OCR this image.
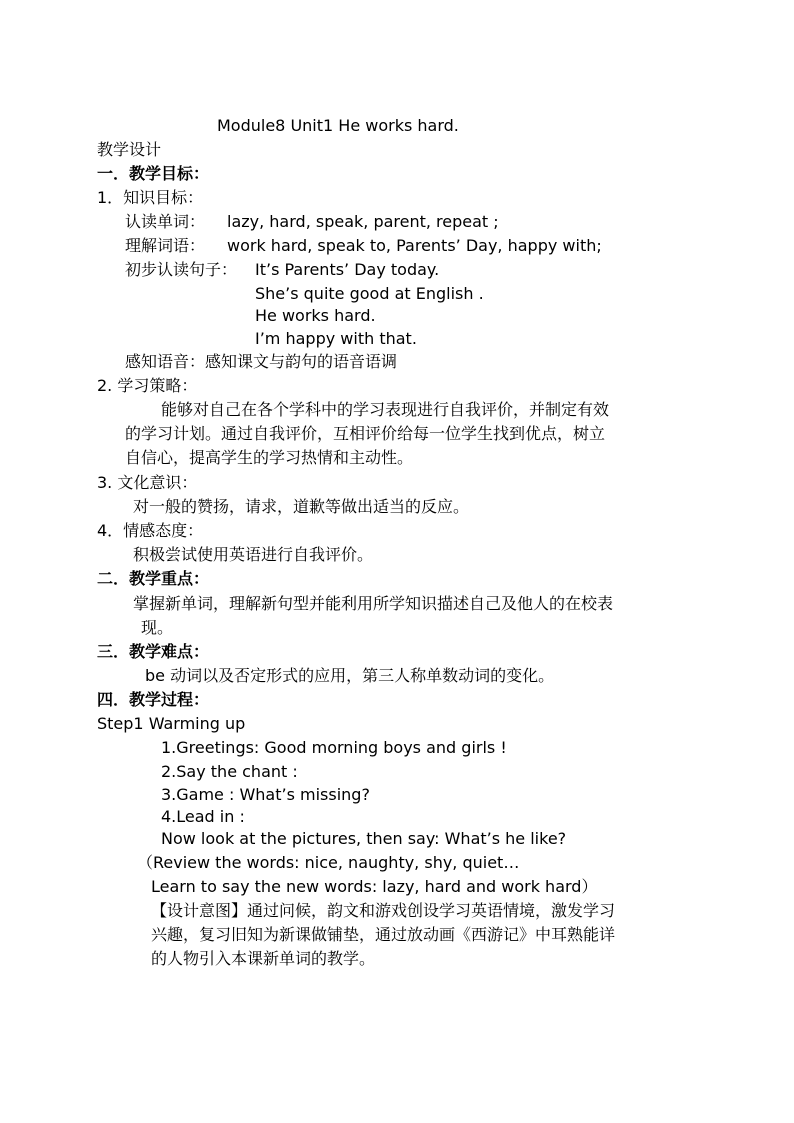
Module8 Unit1 He works hard.
教学设计
一．教学目标：
1．知识目标：
认读单词： lazy, hard, speak, parent, repeat ;
理解词语： work hard, speak to, Parents’ Day, happy with;
初步认读句子： It’s Parents’ Day today.
She’s quite good at English .
He works hard.
I’m happy with that.
感知语音：感知课文与韵句的语音语调
2. 学习策略：
能够对自己在各个学科中的学习表现进行自我评价，并制定有效
的学习计划。通过自我评价，互相评价给每一位学生找到优点，树立
自信心，提高学生的学习热情和主动性。
3. 文化意识：
对一般的赞扬，请求，道歉等做出适当的反应。
4．情感态度：
积极尝试使用英语进行自我评价。
二．教学重点：
掌握新单词，理解新句型并能利用所学知识描述自己及他人的在校表
现。
三．教学难点：
be 动词以及否定形式的应用，第三人称单数动词的变化。
四．教学过程：
Step1 Warming up
1.Greetings: Good morning boys and girls !
2.Say the chant :
3.Game : What’s missing?
4.Lead in :
Now look at the pictures, then say: What’s he like?
（Review the words: nice, naughty, shy, quiet…
Learn to say the new words: lazy, hard and work hard）
【设计意图】通过问候，韵文和游戏创设学习英语情境，激发学习
兴趣，复习旧知为新课做铺垫，通过放动画《西游记》中耳熟能详
的人物引入本课新单词的教学。
